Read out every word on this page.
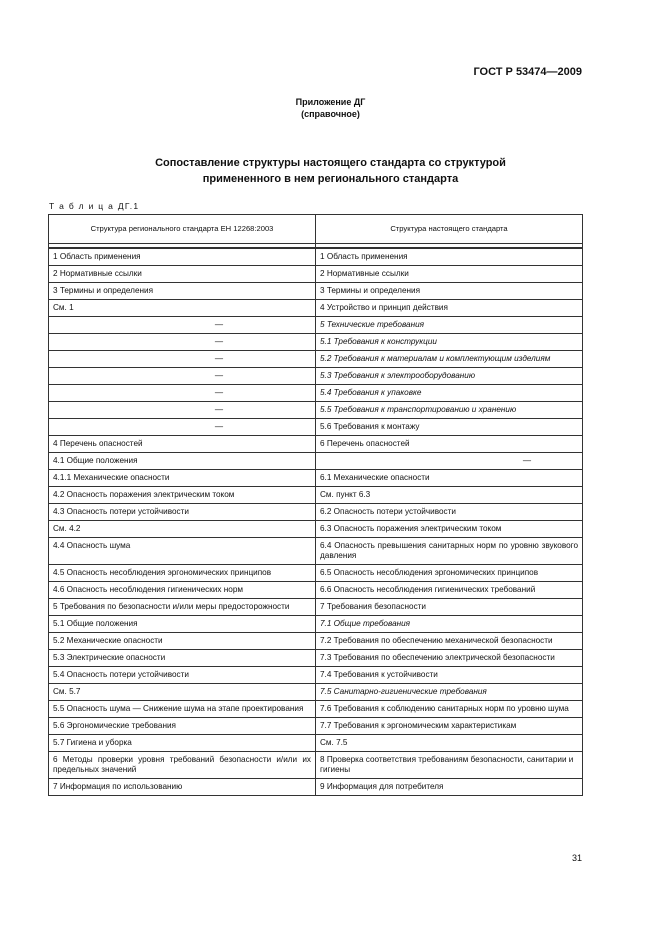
ГОСТ Р 53474—2009
Приложение ДГ
(справочное)
Сопоставление структуры настоящего стандарта со структурой
примененного в нем регионального стандарта
Т а б л и ц а ДГ.1
Структура регионального стандарта ЕН 12268:2003	Структура настоящего стандарта

1 Область применения	1 Область применения
2 Нормативные ссылки	2 Нормативные ссылки
3 Термины и определения	3 Термины и определения
См. 1	4 Устройство и принцип действия
—	5 Технические требования
—	5.1 Требования к конструкции
—	5.2 Требования к материалам и комплектующим изделиям
—	5.3 Требования к электрооборудованию
—	5.4 Требования к упаковке
—	5.5 Требования к транспортированию и хранению
—	5.6 Требования к монтажу
4 Перечень опасностей	6 Перечень опасностей
4.1 Общие положения	—
4.1.1 Механические опасности	6.1 Механические опасности
4.2 Опасность поражения электрическим током	См. пункт 6.3
4.3 Опасность потери устойчивости	6.2 Опасность потери устойчивости
См. 4.2	6.3 Опасность поражения электрическим током
4.4 Опасность шума	6.4 Опасность превышения санитарных норм по уровню звукового давления
4.5 Опасность несоблюдения эргономических принципов	6.5 Опасность несоблюдения эргономических принципов
4.6 Опасность несоблюдения гигиенических норм	6.6 Опасность несоблюдения гигиенических требований
5 Требования по безопасности и/или меры предосторожности	7 Требования безопасности
5.1 Общие положения	7.1 Общие требования
5.2 Механические опасности	7.2 Требования по обеспечению механической безопасности
5.3 Электрические опасности	7.3 Требования по обеспечению электрической безопасности
5.4 Опасность потери устойчивости	7.4 Требования к устойчивости
См. 5.7	7.5 Санитарно-гигиенические требования
5.5 Опасность шума — Снижение шума на этапе проектирования	7.6 Требования к соблюдению санитарных норм по уровню шума
5.6 Эргономические требования	7.7 Требования к эргономическим характеристикам
5.7 Гигиена и уборка	См. 7.5
6 Методы проверки уровня требований безопасности и/или их предельных значений	8 Проверка соответствия требованиям безопасности, санитарии и гигиены
7 Информация по использованию	9 Информация для потребителя
31
